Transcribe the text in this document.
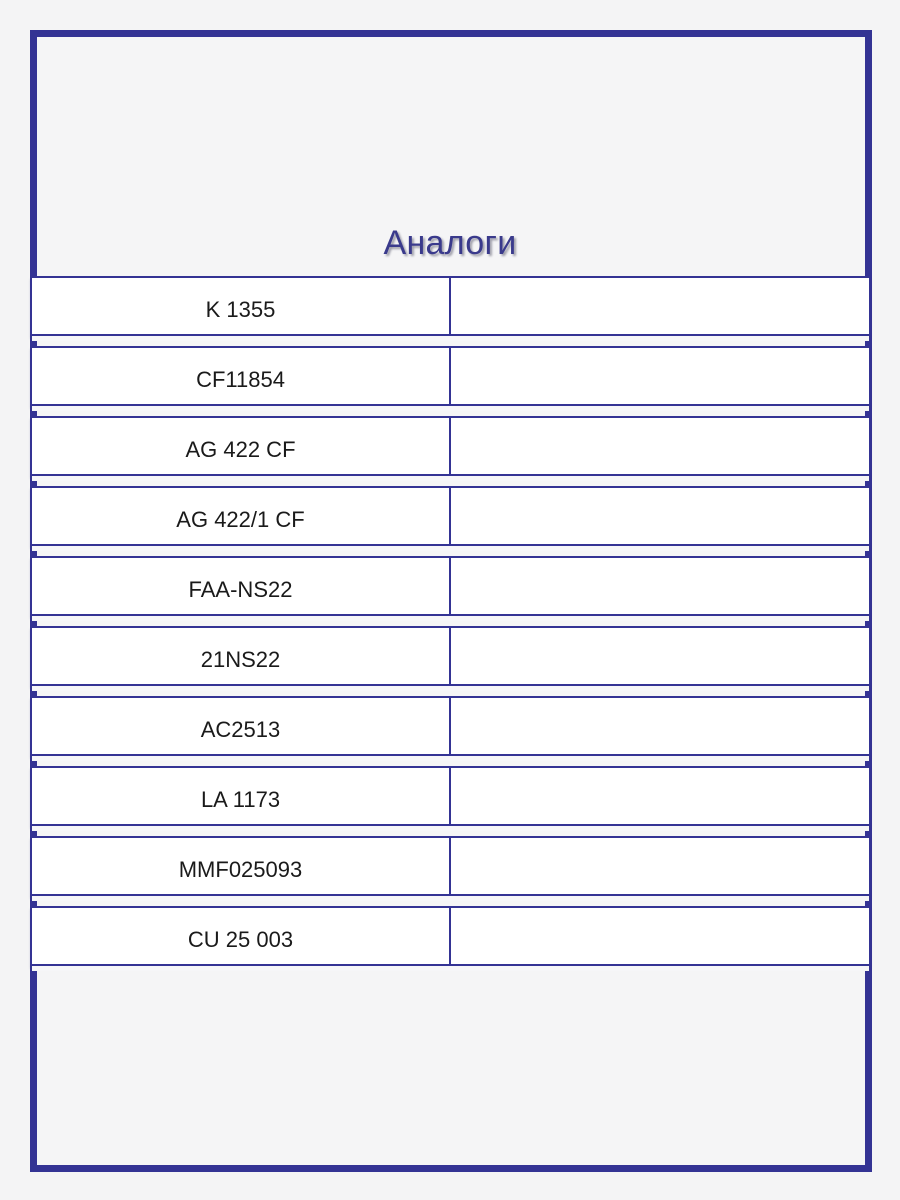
Аналоги
K 1355
CF11854
AG 422 CF
AG 422/1 CF
FAA-NS22
21NS22
AC2513
LA 1173
MMF025093
CU 25 003
